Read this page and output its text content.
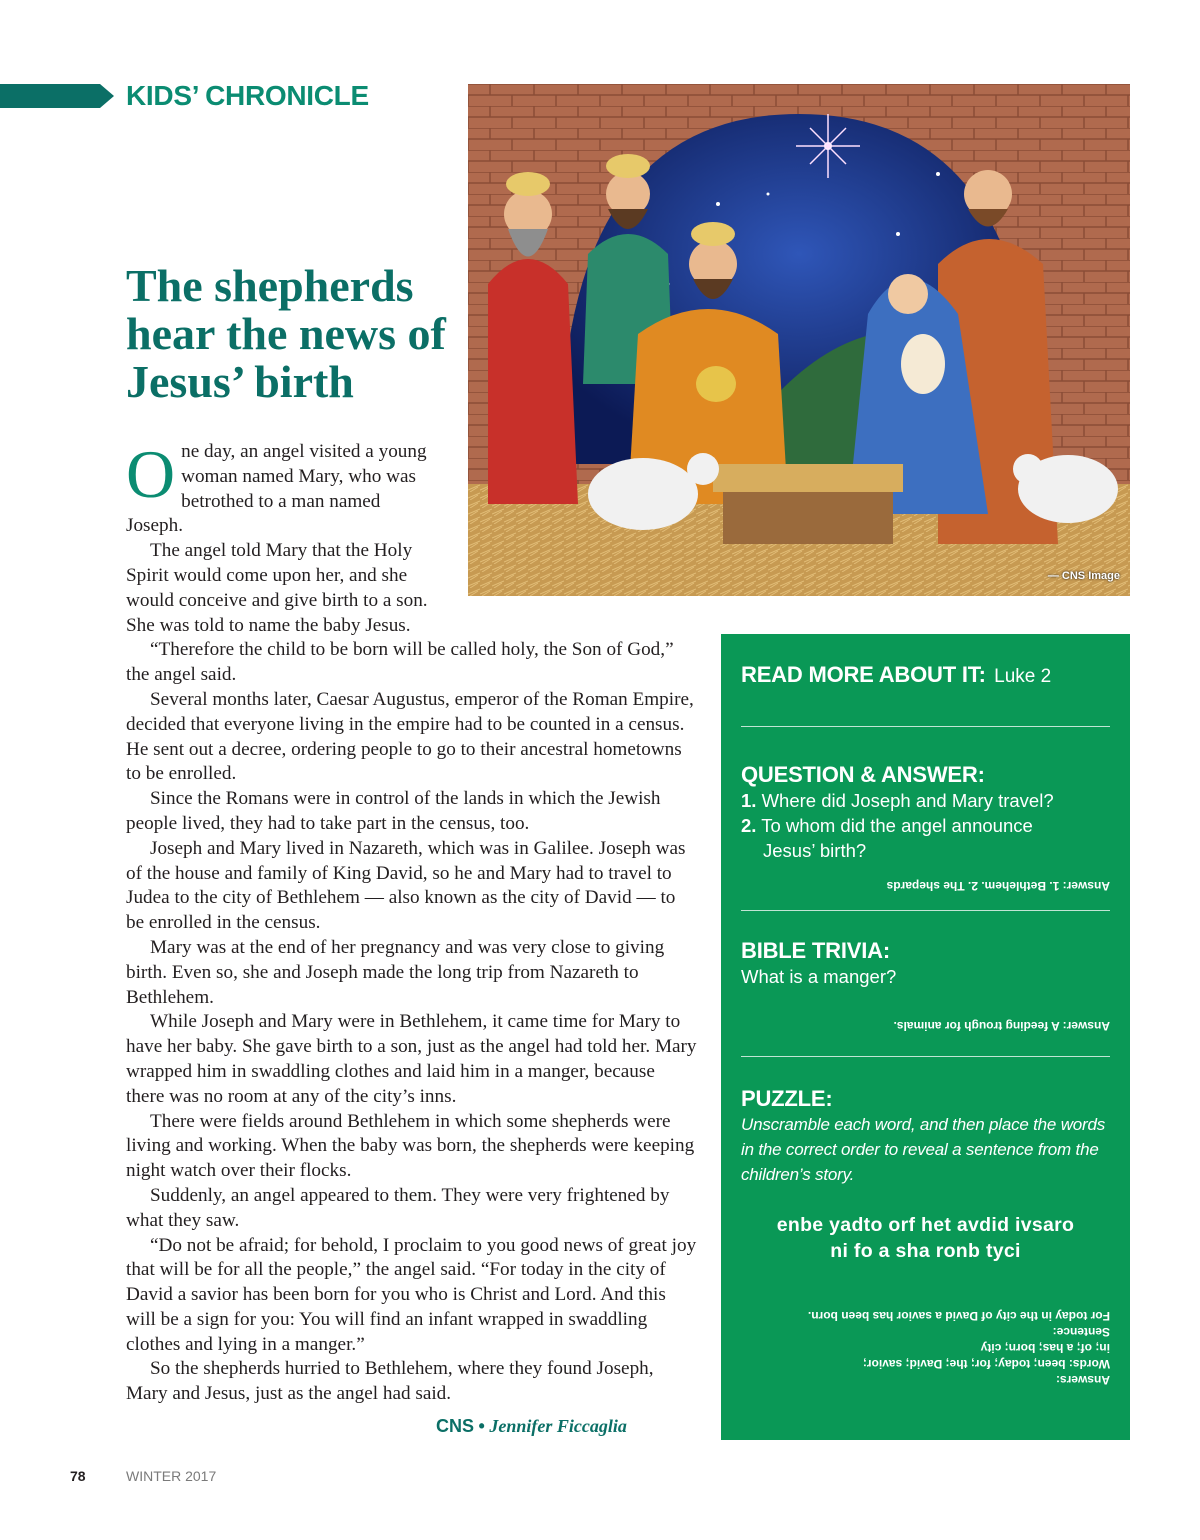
KIDS’ CHRONICLE
— CNS Image
The shepherds hear the news of Jesus’ birth

One day, an angel visited a young woman named Mary, who was betrothed to a man named Joseph.

The angel told Mary that the Holy Spirit would come upon her, and she would conceive and give birth to a son. She was told to name the baby Jesus.

“Therefore the child to be born will be called holy, the Son of God,” the angel said.

Several months later, Caesar Augustus, emperor of the Roman Empire, decided that everyone living in the empire had to be counted in a census. He sent out a decree, ordering people to go to their ancestral hometowns to be enrolled.

Since the Romans were in control of the lands in which the Jewish people lived, they had to take part in the census, too.

Joseph and Mary lived in Nazareth, which was in Galilee. Joseph was of the house and family of King David, so he and Mary had to travel to Judea to the city of Bethlehem — also known as the city of David — to be enrolled in the census.

Mary was at the end of her pregnancy and was very close to giving birth. Even so, she and Joseph made the long trip from Nazareth to Bethlehem.

While Joseph and Mary were in Bethlehem, it came time for Mary to have her baby. She gave birth to a son, just as the angel had told her. Mary wrapped him in swaddling clothes and laid him in a manger, because there was no room at any of the city’s inns.

There were fields around Bethlehem in which some shepherds were living and working. When the baby was born, the shepherds were keeping night watch over their flocks.

Suddenly, an angel appeared to them. They were very frightened by what they saw.

“Do not be afraid; for behold, I proclaim to you good news of great joy that will be for all the people,” the angel said. “For today in the city of David a savior has been born for you who is Christ and Lord. And this will be a sign for you: You will find an infant wrapped in swaddling clothes and lying in a manger.”

So the shepherds hurried to Bethlehem, where they found Joseph, Mary and Jesus, just as the angel had said.

CNS • Jennifer Ficcaglia
READ MORE ABOUT IT: Luke 2
QUESTION & ANSWER:
1. Where did Joseph and Mary travel?
2. To whom did the angel announce
Jesus’ birth?
Answer: 1. Bethlehem. 2. The shepards
BIBLE TRIVIA:
What is a manger?
Answer: A feeding trough for animals.
PUZZLE:
Unscramble each word, and then place the words in the correct order to reveal a sentence from the children’s story.
enbe yadto orf het avdid ivsaro
ni fo a sha ronb tyci
Answers:
Words: been; today; for; the; David; savior;
in; of; a has; born; city
Sentence:
For today in the city of David a savior has been born.
78	WINTER 2017
